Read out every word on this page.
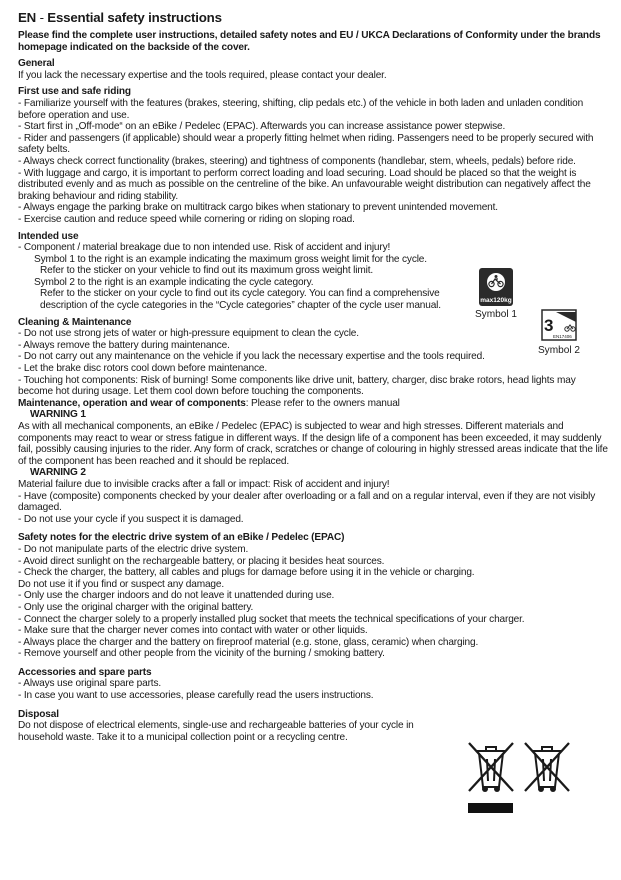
EN - Essential safety instructions

Please find the complete user instructions, detailed safety notes and EU / UKCA Declarations of Conformity under the brands homepage indicated on the backside of the cover.

General

If you lack the necessary expertise and the tools required, please contact your dealer.

First use and safe riding

- Familiarize yourself with the features (brakes, steering, shifting, clip pedals etc.) of the vehicle in both laden and unladen condition before operation and use.

- Start first in „Off-mode“ on an eBike / Pedelec (EPAC). Afterwards you can increase assistance power stepwise.

- Rider and passengers (if applicable) should wear a properly fitting helmet when riding. Passengers need to be properly secured with safety belts.

- Always check correct functionality (brakes, steering) and tightness of components (handlebar, stem, wheels, pedals) before ride.

- With luggage and cargo, it is important to perform correct loading and load securing. Load should be placed so that the weight is distributed evenly and as much as possible on the centreline of the bike. An unfavourable weight distribution can negatively affect the braking behaviour and riding stability.

- Always engage the parking brake on multitrack cargo bikes when stationary to prevent unintended movement.

- Exercise caution and reduce speed while cornering or riding on sloping road.

Intended use

- Component / material breakage due to non intended use. Risk of accident and injury!

Symbol 1 to the right is an example indicating the maximum gross weight limit for the cycle.

Refer to the sticker on your vehicle to find out its maximum gross weight limit.

Symbol 2 to the right is an example indicating the cycle category.

Refer to the sticker on your cycle to find out its cycle category. You can find a comprehensive description of the cycle categories in the “Cycle categories” chapter of the cycle user manual.

Cleaning & Maintenance

- Do not use strong jets of water or high-pressure equipment to clean the cycle.

- Always remove the battery during maintenance.

- Do not carry out any maintenance on the vehicle if you lack the necessary expertise and the tools required.

- Let the brake disc rotors cool down before maintenance.

- Touching hot components: Risk of burning! Some components like drive unit, battery, charger, disc brake rotors, head lights may become hot during usage. Let them cool down before touching the components.

Maintenance, operation and wear of components: Please refer to the owners manual

WARNING 1

As with all mechanical components, an eBike / Pedelec (EPAC) is subjected to wear and high stresses. Different materials and components may react to wear or stress fatigue in different ways. If the design life of a component has been exceeded, it may suddenly fail, possibly causing injuries to the rider. Any form of crack, scratches or change of colouring in highly stressed areas indicate that the life of the component has been reached and it should be replaced.

WARNING 2

Material failure due to invisible cracks after a fall or impact: Risk of accident and injury!

- Have (composite) components checked by your dealer after overloading or a fall and on a regular interval, even if they are not visibly damaged.

- Do not use your cycle if you suspect it is damaged.

Safety notes for the electric drive system of an eBike / Pedelec (EPAC)

- Do not manipulate parts of the electric drive system.

- Avoid direct sunlight on the rechargeable battery, or placing it besides heat sources.

- Check the charger, the battery, all cables and plugs for damage before using it in the vehicle or charging.

Do not use it if you find or suspect any damage.

- Only use the charger indoors and do not leave it unattended during use.

- Only use the original charger with the original battery.

- Connect the charger solely to a properly installed plug socket that meets the technical specifications of your charger.

- Make sure that the charger never comes into contact with water or other liquids.

- Always place the charger and the battery on fireproof material (e.g. stone, glass, ceramic) when charging.

- Remove yourself and other people from the vicinity of the burning / smoking battery.

Accessories and spare parts

- Always use original spare parts.

- In case you want to use accessories, please carefully read the users instructions.

Disposal

Do not dispose of electrical elements, single-use and rechargeable batteries of your cycle in household waste. Take it to a municipal collection point or a recycling centre.

max120kg
Symbol 1
3
EN17406
Symbol 2
